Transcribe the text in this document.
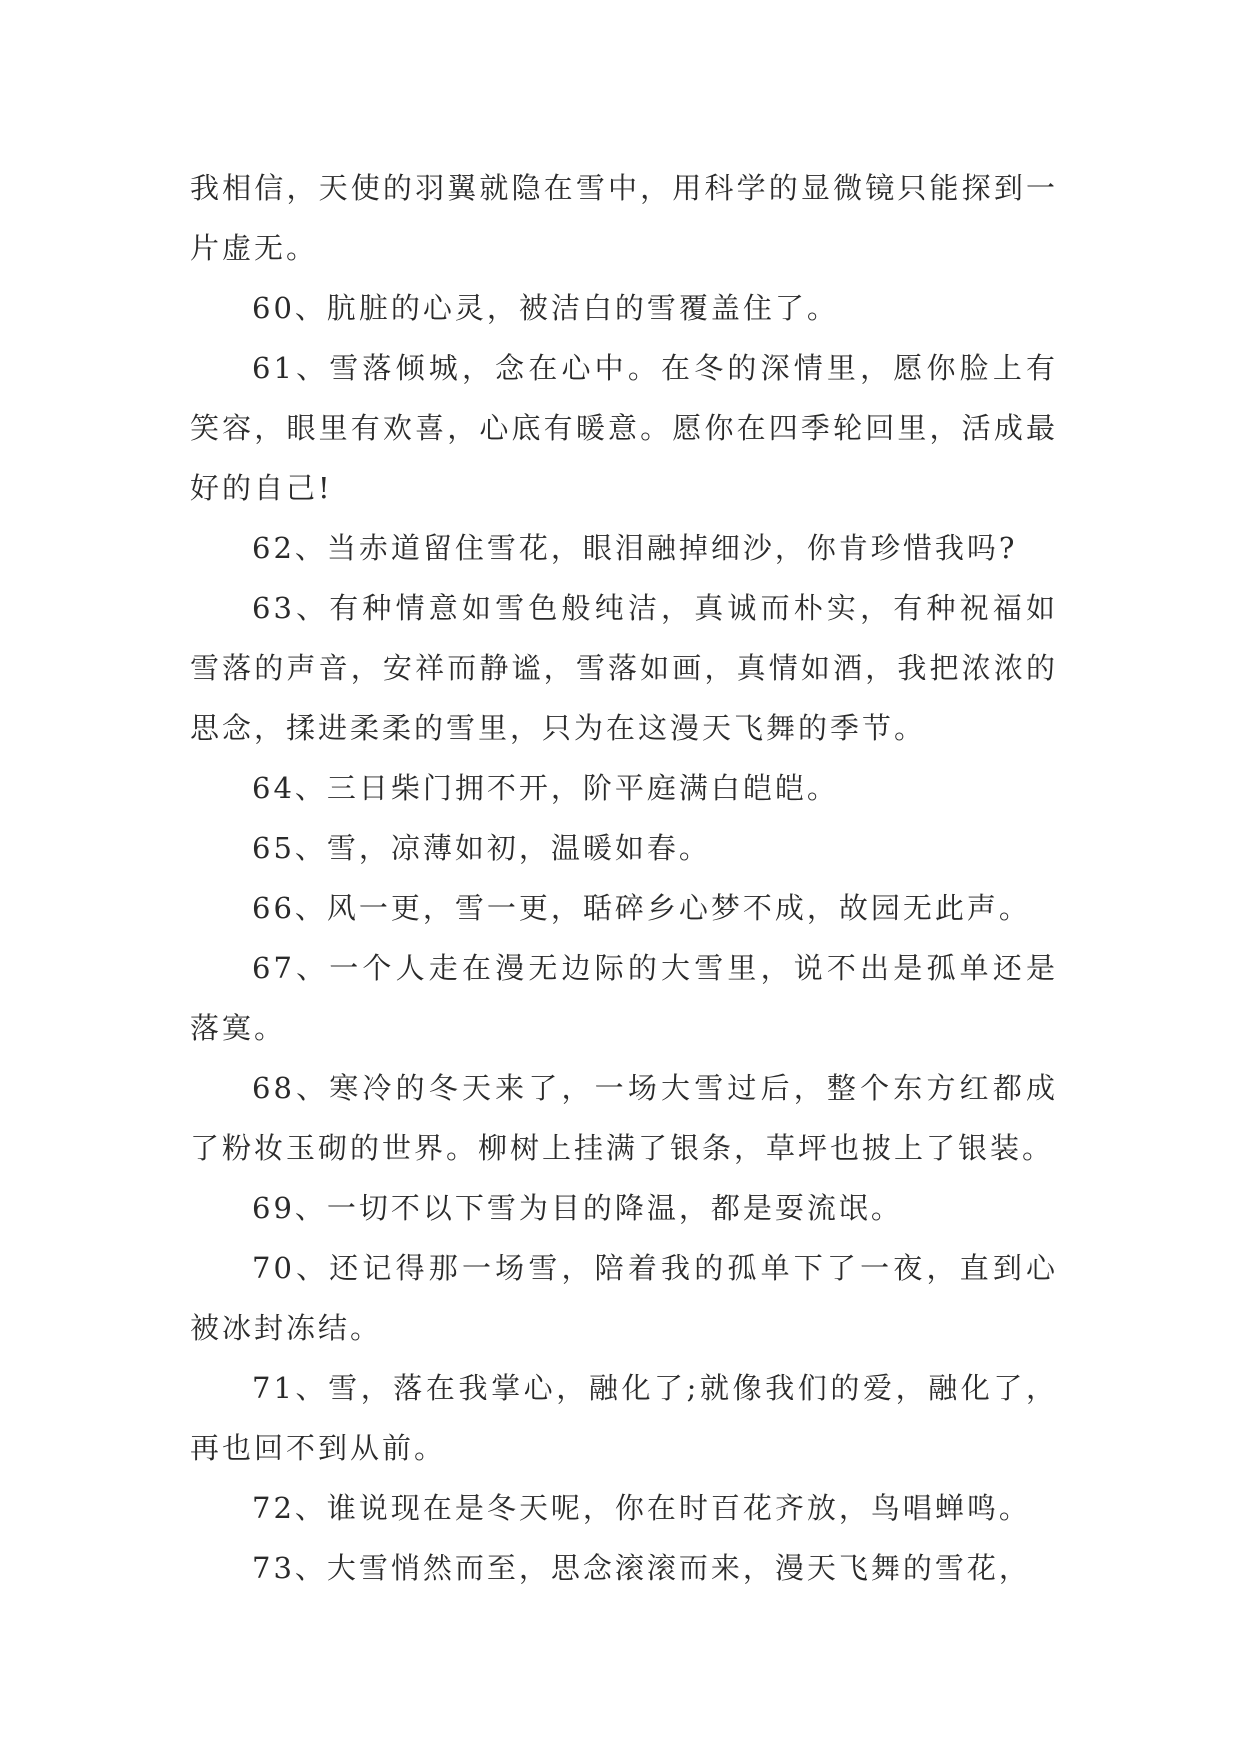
我相信，天使的羽翼就隐在雪中，用科学的显微镜只能探到一片虚无。

60、肮脏的心灵，被洁白的雪覆盖住了。

61、雪落倾城，念在心中。在冬的深情里，愿你脸上有笑容，眼里有欢喜，心底有暖意。愿你在四季轮回里，活成最好的自己!

62、当赤道留住雪花，眼泪融掉细沙，你肯珍惜我吗?

63、有种情意如雪色般纯洁，真诚而朴实，有种祝福如雪落的声音，安祥而静谧，雪落如画，真情如酒，我把浓浓的思念，揉进柔柔的雪里，只为在这漫天飞舞的季节。

64、三日柴门拥不开，阶平庭满白皑皑。

65、雪，凉薄如初，温暖如春。

66、风一更，雪一更，聒碎乡心梦不成，故园无此声。

67、一个人走在漫无边际的大雪里，说不出是孤单还是落寞。

68、寒冷的冬天来了，一场大雪过后，整个东方红都成了粉妆玉砌的世界。柳树上挂满了银条，草坪也披上了银装。

69、一切不以下雪为目的降温，都是耍流氓。

70、还记得那一场雪，陪着我的孤单下了一夜，直到心被冰封冻结。

71、雪，落在我掌心，融化了;就像我们的爱，融化了，再也回不到从前。

72、谁说现在是冬天呢，你在时百花齐放，鸟唱蝉鸣。

73、大雪悄然而至，思念滚滚而来，漫天飞舞的雪花，
